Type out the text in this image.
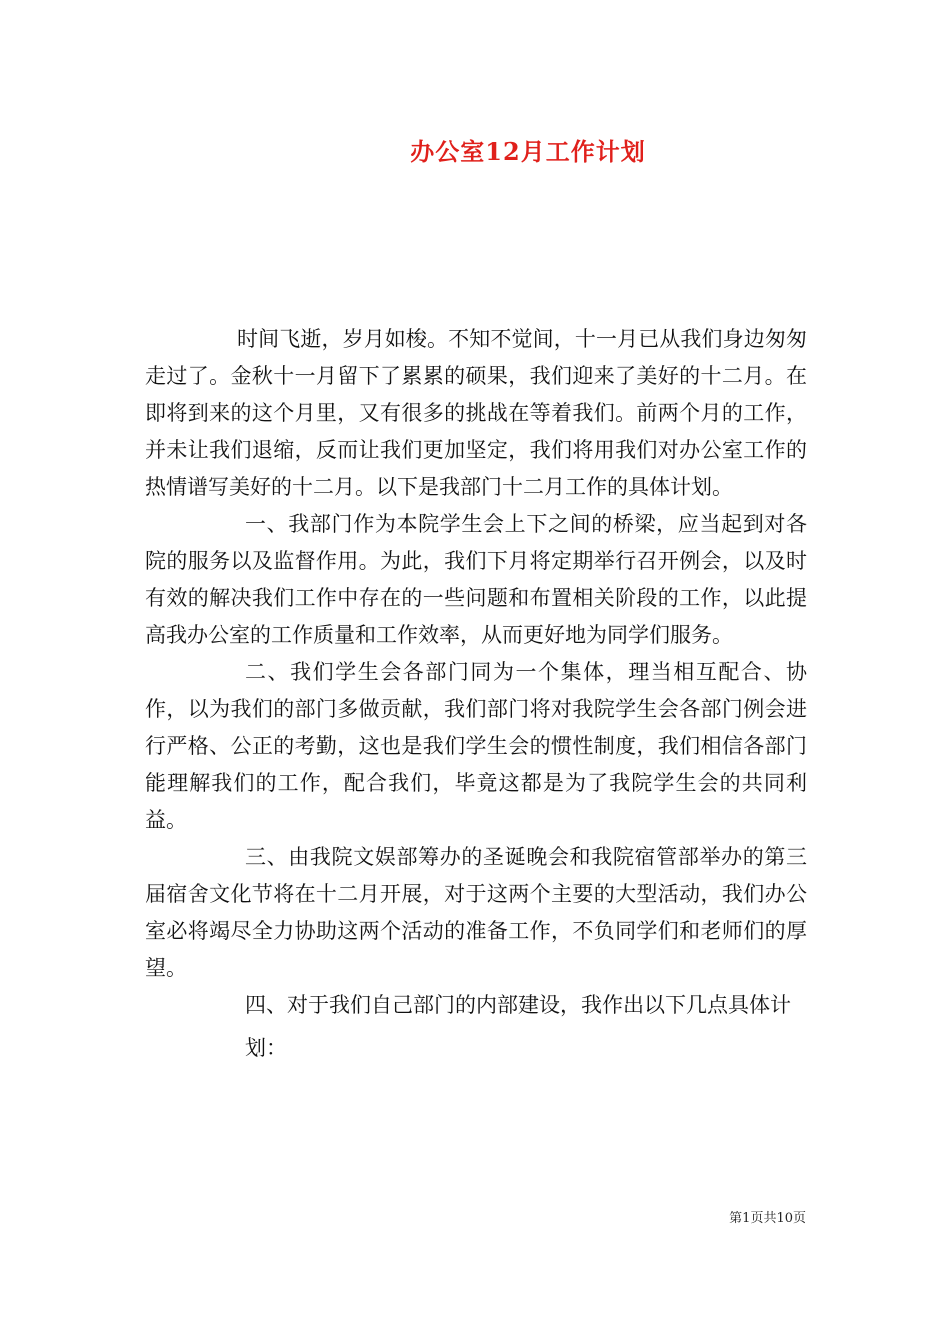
办公室12月工作计划

时间飞逝，岁月如梭。不知不觉间，十一月已从我们身边匆匆走过了。金秋十一月留下了累累的硕果，我们迎来了美好的十二月。在即将到来的这个月里，又有很多的挑战在等着我们。前两个月的工作，并未让我们退缩，反而让我们更加坚定，我们将用我们对办公室工作的热情谱写美好的十二月。以下是我部门十二月工作的具体计划。

一、我部门作为本院学生会上下之间的桥梁，应当起到对各院的服务以及监督作用。为此，我们下月将定期举行召开例会，以及时有效的解决我们工作中存在的一些问题和布置相关阶段的工作，以此提高我办公室的工作质量和工作效率，从而更好地为同学们服务。

二、我们学生会各部门同为一个集体，理当相互配合、协作，以为我们的部门多做贡献，我们部门将对我院学生会各部门例会进行严格、公正的考勤，这也是我们学生会的惯性制度，我们相信各部门能理解我们的工作，配合我们，毕竟这都是为了我院学生会的共同利益。

三、由我院文娱部筹办的圣诞晚会和我院宿管部举办的第三届宿舍文化节将在十二月开展，对于这两个主要的大型活动，我们办公室必将竭尽全力协助这两个活动的准备工作，不负同学们和老师们的厚望。

四、对于我们自己部门的内部建设，我作出以下几点具体计

划：

第1页共10页
